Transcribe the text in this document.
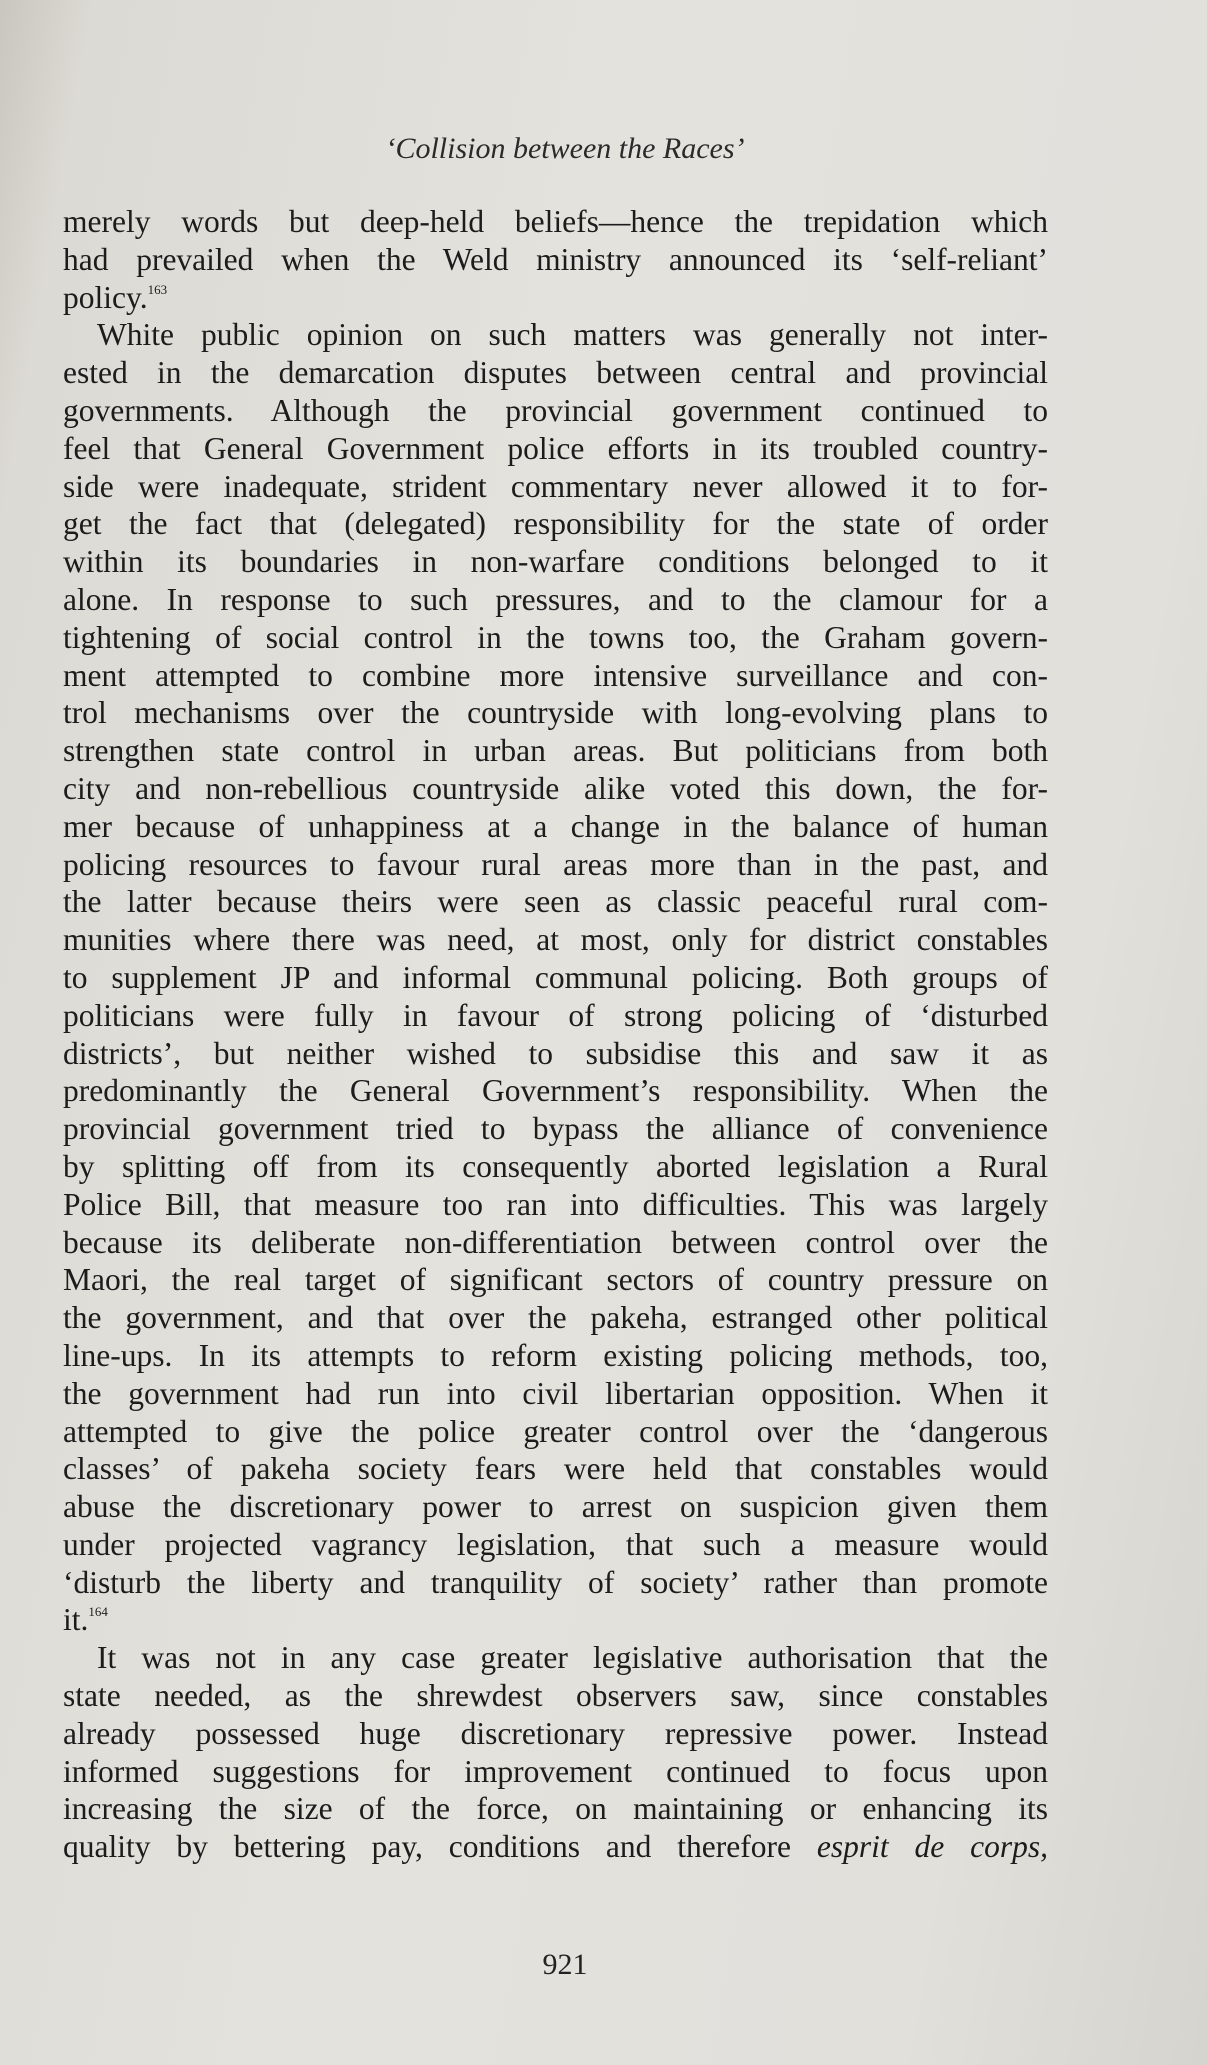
‘Collision between the Races’
merely words but deep-held beliefs—hence the trepidation which
had prevailed when the Weld ministry announced its ‘self-reliant’
policy.$^{163}$
White public opinion on such matters was generally not inter-
ested in the demarcation disputes between central and provincial
governments. Although the provincial government continued to
feel that General Government police efforts in its troubled country-
side were inadequate, strident commentary never allowed it to for-
get the fact that (delegated) responsibility for the state of order
within its boundaries in non-warfare conditions belonged to it
alone. In response to such pressures, and to the clamour for a
tightening of social control in the towns too, the Graham govern-
ment attempted to combine more intensive surveillance and con-
trol mechanisms over the countryside with long-evolving plans to
strengthen state control in urban areas. But politicians from both
city and non-rebellious countryside alike voted this down, the for-
mer because of unhappiness at a change in the balance of human
policing resources to favour rural areas more than in the past, and
the latter because theirs were seen as classic peaceful rural com-
munities where there was need, at most, only for district constables
to supplement JP and informal communal policing. Both groups of
politicians were fully in favour of strong policing of ‘disturbed
districts’, but neither wished to subsidise this and saw it as
predominantly the General Government’s responsibility. When the
provincial government tried to bypass the alliance of convenience
by splitting off from its consequently aborted legislation a Rural
Police Bill, that measure too ran into difficulties. This was largely
because its deliberate non-differentiation between control over the
Maori, the real target of significant sectors of country pressure on
the government, and that over the pakeha, estranged other political
line-ups. In its attempts to reform existing policing methods, too,
the government had run into civil libertarian opposition. When it
attempted to give the police greater control over the ‘dangerous
classes’ of pakeha society fears were held that constables would
abuse the discretionary power to arrest on suspicion given them
under projected vagrancy legislation, that such a measure would
‘disturb the liberty and tranquility of society’ rather than promote
it.$^{164}$
It was not in any case greater legislative authorisation that the
state needed, as the shrewdest observers saw, since constables
already possessed huge discretionary repressive power. Instead
informed suggestions for improvement continued to focus upon
increasing the size of the force, on maintaining or enhancing its
quality by bettering pay, conditions and therefore esprit de corps,
921
